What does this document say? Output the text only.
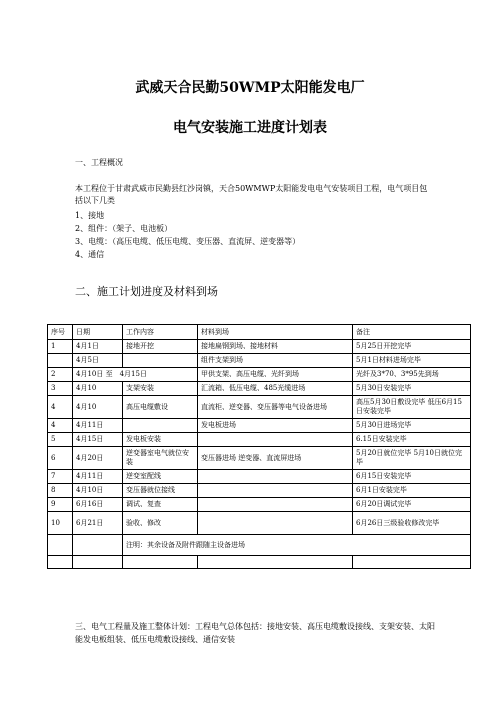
武威天合民勤50WMP太阳能发电厂
电气安装施工进度计划表
一、工程概况
本工程位于甘肃武威市民勤县红沙岗镇，天合50WMWP太阳能发电电气安装项目工程，电气项目包括以下几类
1、接地
2、组件：（架子、电池板）
3、电缆：（高压电缆、低压电缆、变压器、直流屏、逆变器等）
4、通信
二、施工计划进度及材料到场
序号	日期	工作内容	材料到场	备注
1	4月1日	接地开挖	接地扁钢到场、接地材料	5月25日开挖完毕
	4月5日		组件支架到场	5月1日材料进场完毕
2	4月10日 至　4月15日		甲供支架、高压电缆、光纤到场	光纤及3*70、3*95先到场
3	4月10	支架安装	汇流箱、低压电缆、485光缆进场	5月30日安装完毕
4	4月10	高压电缆敷设	直流柜、逆变器、变压器等电气设备进场	高压5月30日敷设完毕 低压6月15日安装完毕
4	4月11日		发电板进场	5月30日进场完毕
5	4月15日	发电板安装		6.15日安装完毕
6	4月20日	逆变器室电气就位安装	变压器进场 逆变器、直流屏进场	5月20日就位完毕 5月10日就位完毕
7	4月11日	逆变室配线		6月15日安装完毕
8	4月10日	变压器就位接线		6月1日安装完毕
9	6月16日	调试、复查		6月20日调试完毕
10	6月21日	验收、修改		6月26日三级验收修改完毕
		注明：其余设备及附件跟随主设备进场		

三、电气工程量及施工整体计划：工程电气总体包括：接地安装、高压电缆敷设接线、支架安装、太阳能发电板组装、低压电缆敷设接线、通信安装
